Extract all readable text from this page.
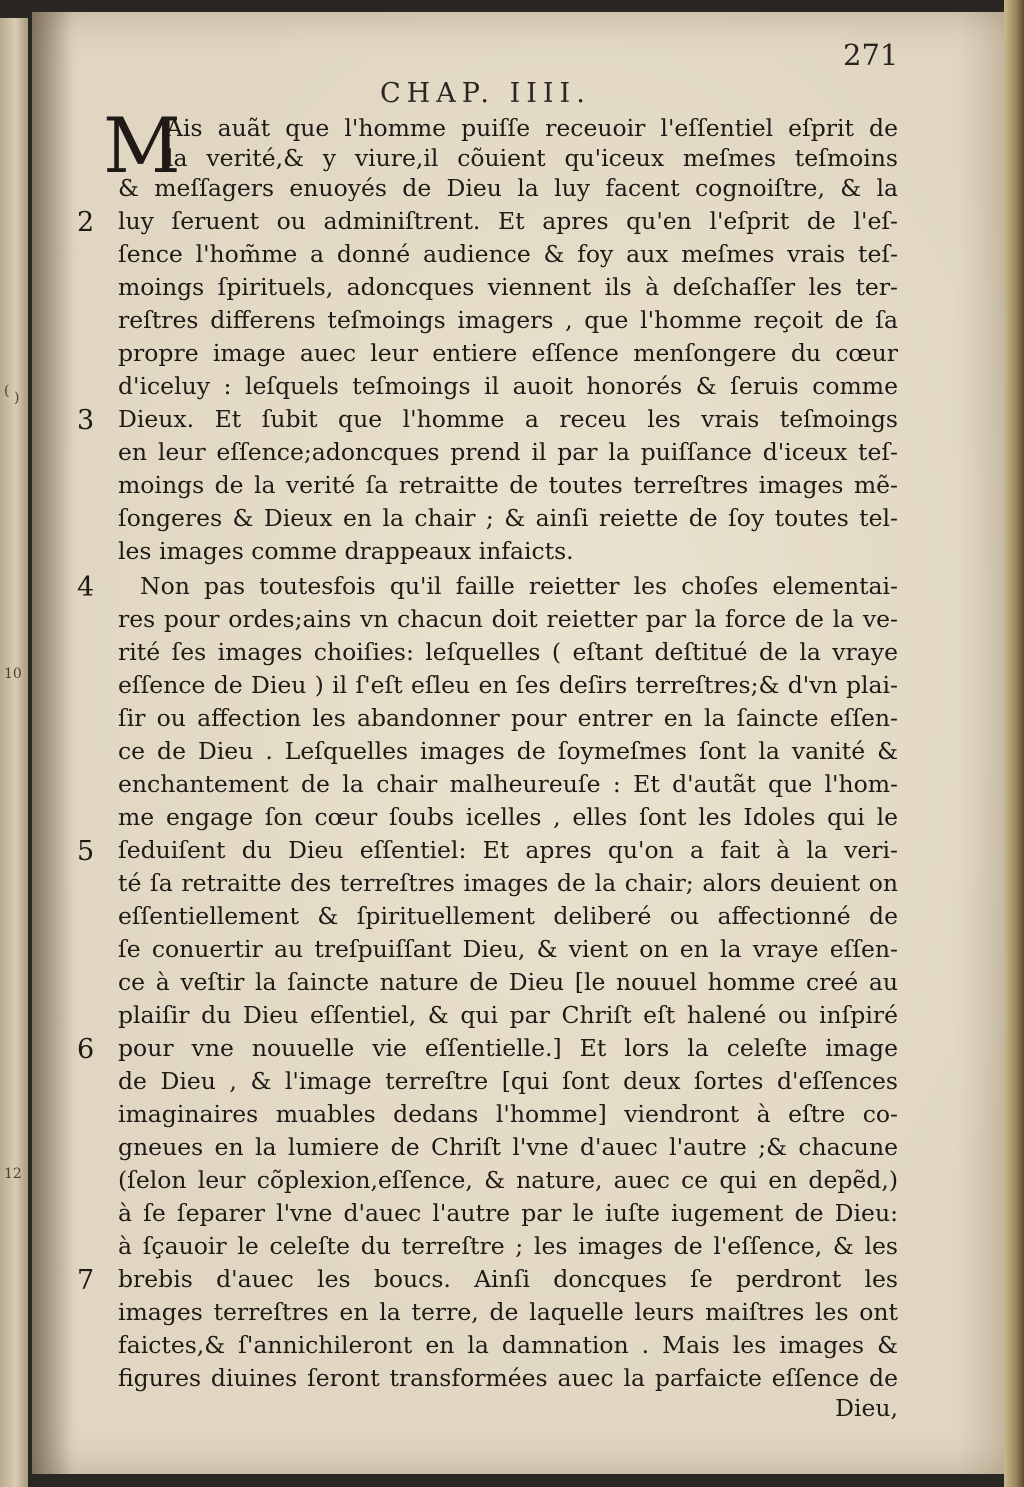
( )
10
12
271
CHAP. IIII.
M
Ais auãt que l'homme puiſſe receuoir l'eſſentiel eſprit de
la verité,& y viure,il cõuient qu'iceux meſmes teſmoins
& meſſagers enuoyés de Dieu la luy facent cognoiſtre, & la
luy ſeruent ou adminiſtrent. Et apres qu'en l'eſprit de l'eſ-
ſence l'hom̃me a donné audience & foy aux meſmes vrais teſ-
moings ſpirituels, adoncques viennent ils à deſchaſſer les ter-
reſtres differens teſmoings imagers , que l'homme reçoit de ſa
propre image auec leur entiere eſſence menſongere du cœur
d'iceluy : leſquels teſmoings il auoit honorés & ſeruis comme
Dieux. Et ſubit que l'homme a receu les vrais teſmoings
en leur eſſence;adoncques prend il par la puiſſance d'iceux teſ-
moings de la verité ſa retraitte de toutes terreſtres images mẽ-
ſongeres & Dieux en la chair ; & ainſi reiette de ſoy toutes tel-
les images comme drappeaux infaicts.
Non pas toutesfois qu'il faille reietter les choſes elementai-
res pour ordes;ains vn chacun doit reietter par la force de la ve-
rité ſes images choiſies: leſquelles ( eſtant deſtitué de la vraye
eſſence de Dieu ) il ſ'eſt eſleu en ſes deſirs terreſtres;& d'vn plai-
ſir ou affection les abandonner pour entrer en la ſaincte eſſen-
ce de Dieu . Leſquelles images de ſoymeſmes ſont la vanité &
enchantement de la chair malheureuſe : Et d'autãt que l'hom-
me engage ſon cœur ſoubs icelles , elles ſont les Idoles qui le
ſeduiſent du Dieu eſſentiel: Et apres qu'on a fait à la veri-
té ſa retraitte des terreſtres images de la chair; alors deuient on
eſſentiellement & ſpirituellement deliberé ou affectionné de
ſe conuertir au treſpuiſſant Dieu, & vient on en la vraye eſſen-
ce à veſtir la ſaincte nature de Dieu [le nouuel homme creé au
plaiſir du Dieu eſſentiel, & qui par Chriſt eſt halené ou inſpiré
pour vne nouuelle vie eſſentielle.] Et lors la celeſte image
de Dieu , & l'image terreſtre [qui ſont deux ſortes d'eſſences
imaginaires muables dedans l'homme] viendront à eſtre co-
gneues en la lumiere de Chriſt l'vne d'auec l'autre ;& chacune
(ſelon leur cõplexion,eſſence, & nature, auec ce qui en depẽd,)
à ſe ſeparer l'vne d'auec l'autre par le iuſte iugement de Dieu:
à ſçauoir le celeſte du terreſtre ; les images de l'eſſence, & les
brebis d'auec les boucs. Ainſi doncques ſe perdront les
images terreſtres en la terre, de laquelle leurs maiſtres les ont
faictes,& ſ'annichileront en la damnation . Mais les images &
figures diuines ſeront transformées auec la parfaicte eſſence de
Dieu,
2
3
4
5
6
7
